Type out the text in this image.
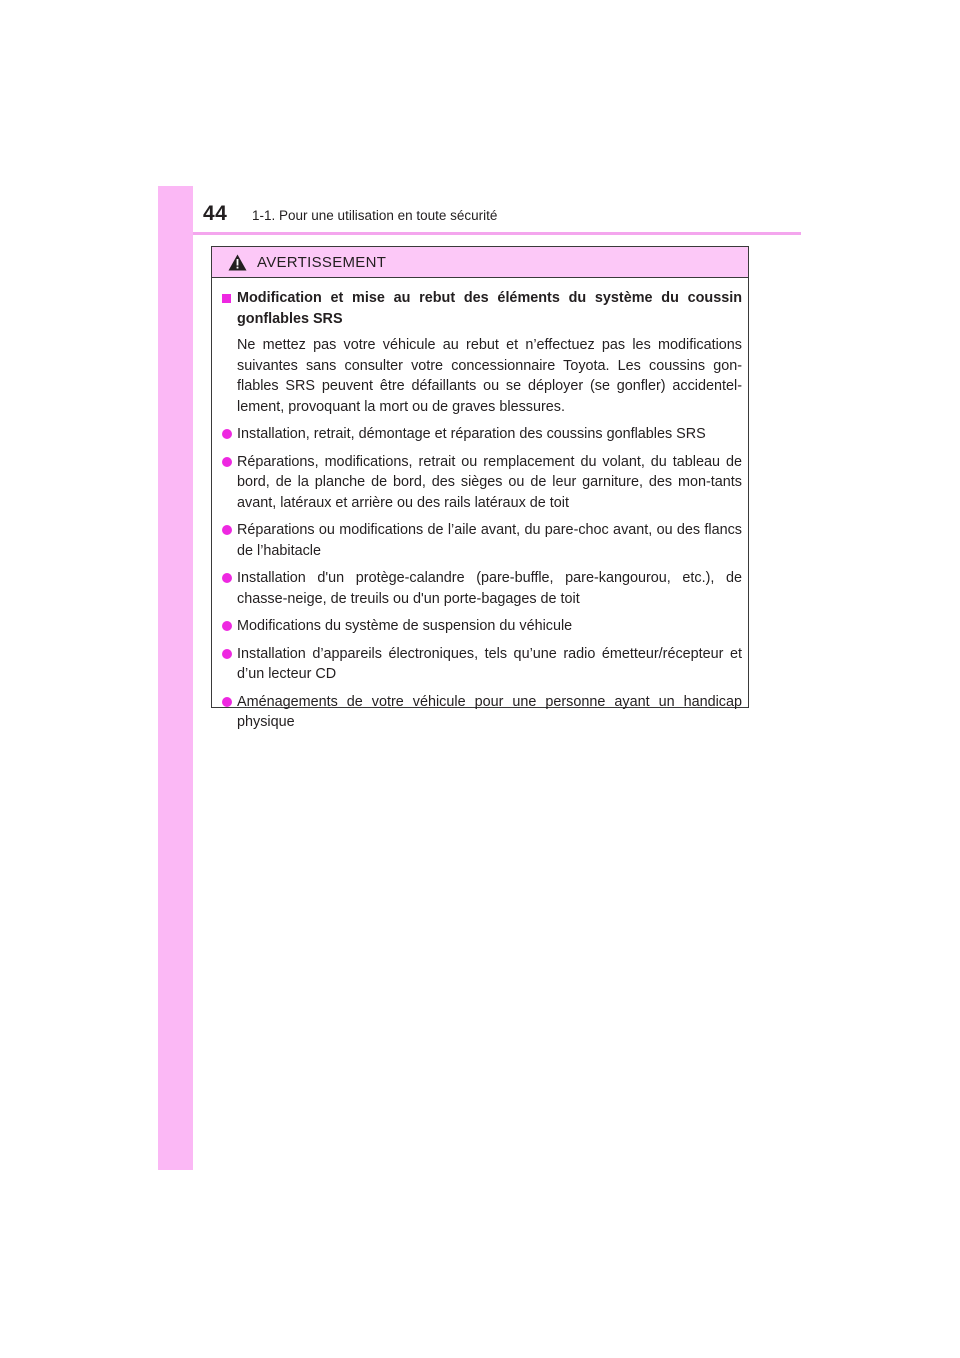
44 1-1. Pour une utilisation en toute sécurité
AVERTISSEMENT
Modification et mise au rebut des éléments du système du coussin gonflables SRS
Ne mettez pas votre véhicule au rebut et n’effectuez pas les modifications suivantes sans consulter votre concessionnaire Toyota. Les coussins gon-flables SRS peuvent être défaillants ou se déployer (se gonfler) accidentel-lement, provoquant la mort ou de graves blessures.
Installation, retrait, démontage et réparation des coussins gonflables SRS
Réparations, modifications, retrait ou remplacement du volant, du tableau de bord, de la planche de bord, des sièges ou de leur garniture, des mon-tants avant, latéraux et arrière ou des rails latéraux de toit
Réparations ou modifications de l’aile avant, du pare-choc avant, ou des flancs de l’habitacle
Installation d'un protège-calandre (pare-buffle, pare-kangourou, etc.), de chasse-neige, de treuils ou d'un porte-bagages de toit
Modifications du système de suspension du véhicule
Installation d’appareils électroniques, tels qu’une radio émetteur/récepteur et d’un lecteur CD
Aménagements de votre véhicule pour une personne ayant un handicap physique
